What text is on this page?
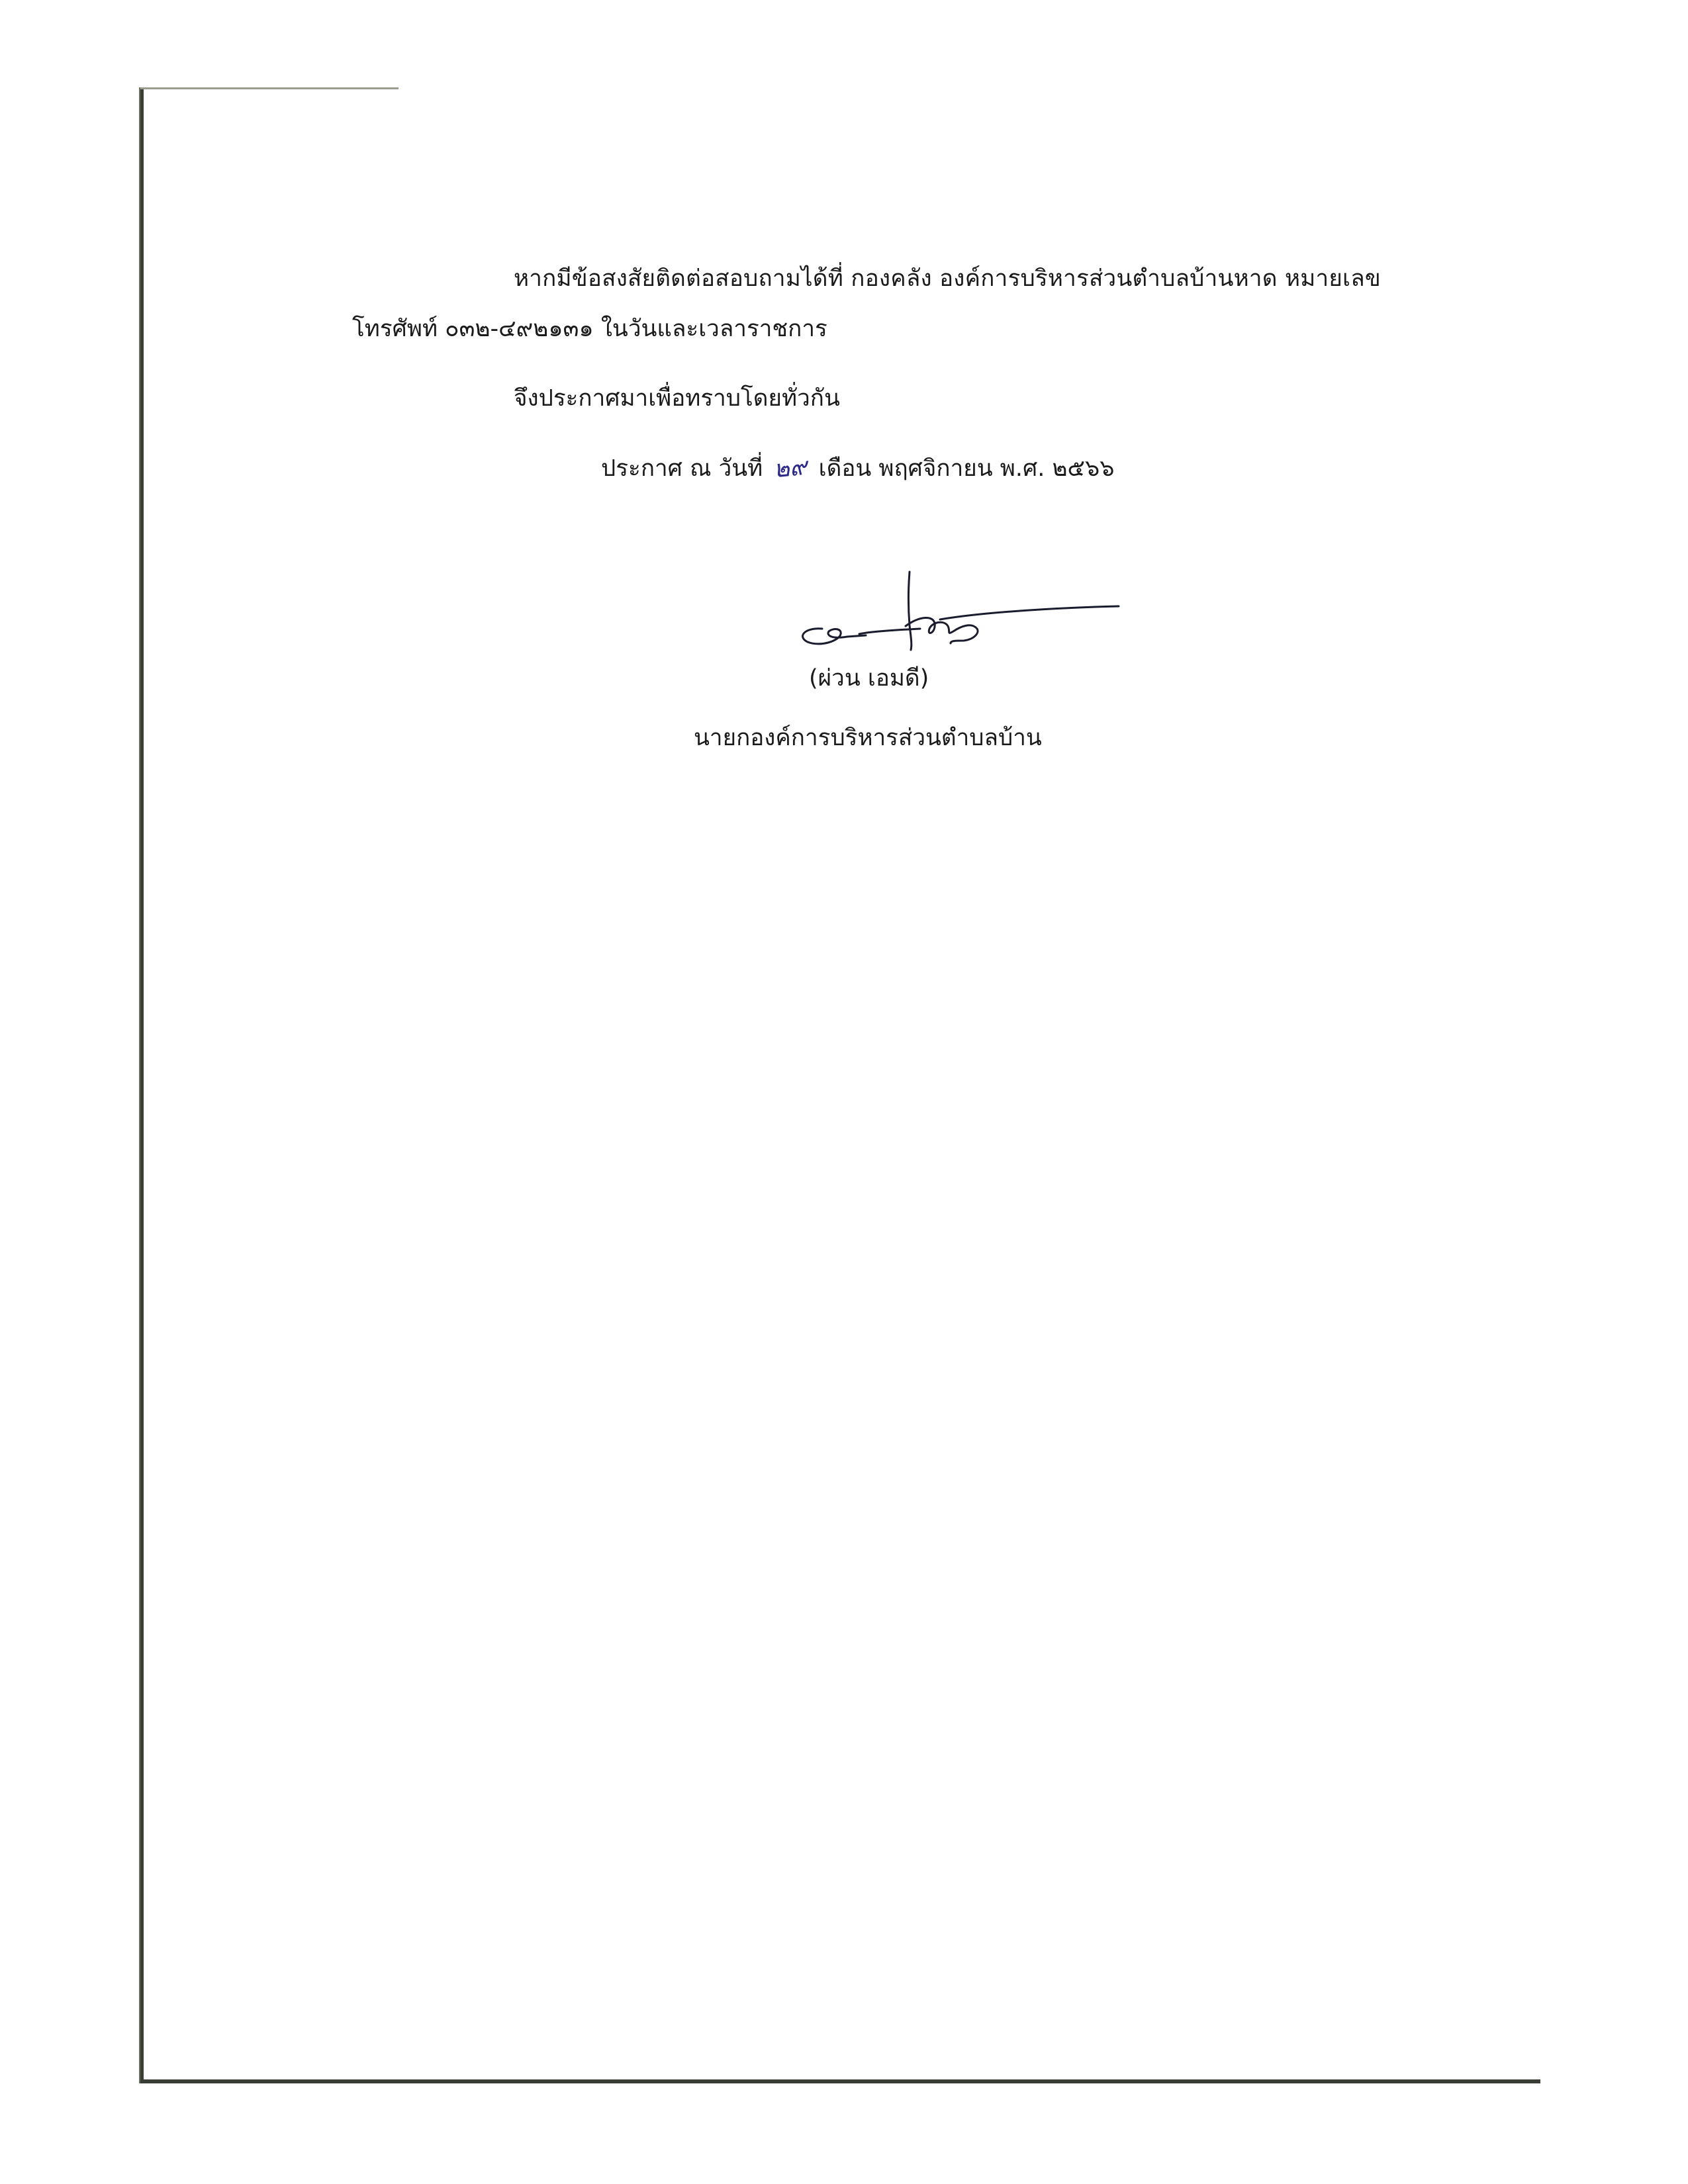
หากมีข้อสงสัยติดต่อสอบถามได้ที่ กองคลัง องค์การบริหารส่วนตำบลบ้านหาด หมายเลข
โทรศัพท์ ๐๓๒-๔๙๒๑๓๑ ในวันและเวลาราชการ
จึงประกาศมาเพื่อทราบโดยทั่วกัน
ประกาศ ณ วันที่ ๒๙ เดือน พฤศจิกายน พ.ศ. ๒๕๖๖
(ผ่วน เอมดี)
นายกองค์การบริหารส่วนตำบลบ้าน
